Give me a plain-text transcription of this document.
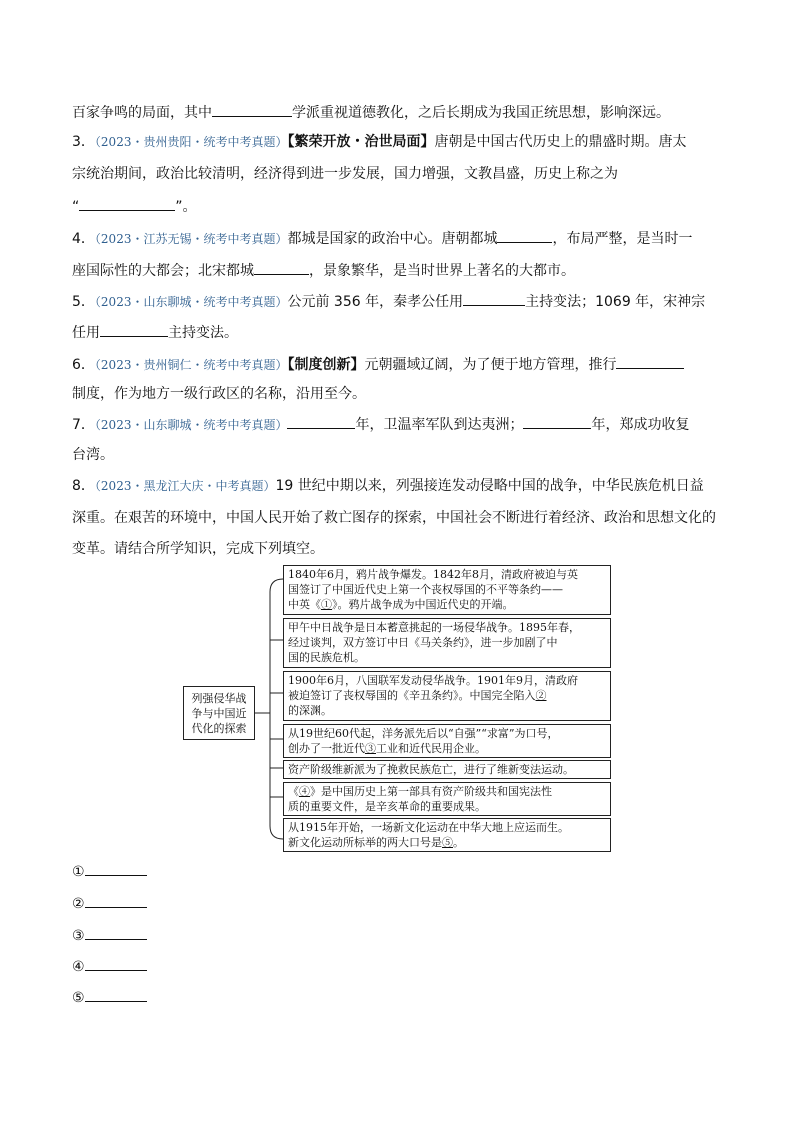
百家争鸣的局面，其中	学派重视道德教化，之后长期成为我国正统思想，影响深远。
3．（2023・贵州贵阳・统考中考真题）【繁荣开放・治世局面】唐朝是中国古代历史上的鼎盛时期。唐太
宗统治期间，政治比较清明，经济得到进一步发展，国力增强，文教昌盛，历史上称之为
“	”。
4．（2023・江苏无锡・统考中考真题）都城是国家的政治中心。唐朝都城	，布局严整，是当时一
座国际性的大都会；北宋都城	，景象繁华，是当时世界上著名的大都市。
5．（2023・山东聊城・统考中考真题）公元前 356 年，秦孝公任用	主持变法；1069 年，宋神宗
任用	主持变法。
6．（2023・贵州铜仁・统考中考真题）【制度创新】元朝疆域辽阔，为了便于地方管理，推行
制度，作为地方一级行政区的名称，沿用至今。
7．（2023・山东聊城・统考中考真题）	年，卫温率军队到达夷洲；	年，郑成功收复
台湾。
8．（2023・黑龙江大庆・中考真题）19 世纪中期以来，列强接连发动侵略中国的战争，中华民族危机日益
深重。在艰苦的环境中，中国人民开始了救亡图存的探索，中国社会不断进行着经济、政治和思想文化的
变革。请结合所学知识，完成下列填空。
列强侵华战争与中国近代化的探索
1840年6月，鸦片战争爆发。1842年8月，清政府被迫与英
国签订了中国近代史上第一个丧权辱国的不平等条约——
中英《①》。鸦片战争成为中国近代史的开端。
甲午中日战争是日本蓄意挑起的一场侵华战争。1895年春，
经过谈判，双方签订中日《马关条约》，进一步加剧了中
国的民族危机。
1900年6月，八国联军发动侵华战争。1901年9月，清政府
被迫签订了丧权辱国的《辛丑条约》。中国完全陷入②
的深渊。
从19世纪60代起，洋务派先后以“自强”“求富”为口号，
创办了一批近代③工业和近代民用企业。
资产阶级维新派为了挽救民族危亡，进行了维新变法运动。
《④》是中国历史上第一部具有资产阶级共和国宪法性
质的重要文件，是辛亥革命的重要成果。
从1915年开始，一场新文化运动在中华大地上应运而生。
新文化运动所标举的两大口号是⑤。
①
②
③
④
⑤
